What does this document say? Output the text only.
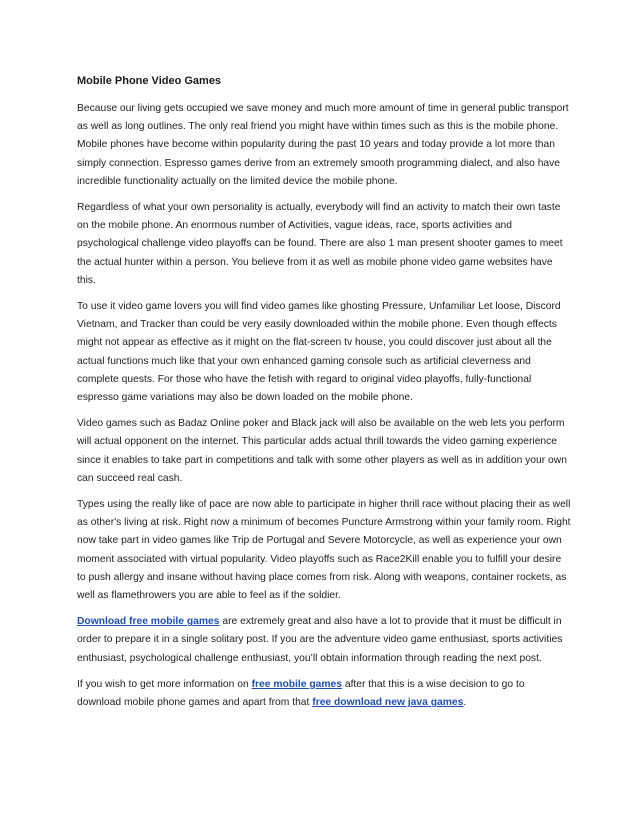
Mobile Phone Video Games

Because our living gets occupied we save money and much more amount of time in general public transport as well as long outlines. The only real friend you might have within times such as this is the mobile phone. Mobile phones have become within popularity during the past 10 years and today provide a lot more than simply connection. Espresso games derive from an extremely smooth programming dialect, and also have incredible functionality actually on the limited device the mobile phone.

Regardless of what your own personality is actually, everybody will find an activity to match their own taste on the mobile phone. An enormous number of Activities, vague ideas, race, sports activities and psychological challenge video playoffs can be found. There are also 1 man present shooter games to meet the actual hunter within a person. You believe from it as well as mobile phone video game websites have this.

To use it video game lovers you will find video games like ghosting Pressure, Unfamiliar Let loose, Discord Vietnam, and Tracker than could be very easily downloaded within the mobile phone. Even though effects might not appear as effective as it might on the flat-screen tv house, you could discover just about all the actual functions much like that your own enhanced gaming console such as artificial cleverness and complete quests. For those who have the fetish with regard to original video playoffs, fully-functional espresso game variations may also be down loaded on the mobile phone.

Video games such as Badaz Online poker and Black jack will also be available on the web lets you perform will actual opponent on the internet. This particular adds actual thrill towards the video gaming experience since it enables to take part in competitions and talk with some other players as well as in addition your own can succeed real cash.

Types using the really like of pace are now able to participate in higher thrill race without placing their as well as other's living at risk. Right now a minimum of becomes Puncture Armstrong within your family room. Right now take part in video games like Trip de Portugal and Severe Motorcycle, as well as experience your own moment associated with virtual popularity. Video playoffs such as Race2Kill enable you to fulfill your desire to push allergy and insane without having place comes from risk. Along with weapons, container rockets, as well as flamethrowers you are able to feel as if the soldier.

Download free mobile games are extremely great and also have a lot to provide that it must be difficult in order to prepare it in a single solitary post. If you are the adventure video game enthusiast, sports activities enthusiast, psychological challenge enthusiast, you’ll obtain information through reading the next post.

If you wish to get more information on free mobile games after that this is a wise decision to go to download mobile phone games and apart from that free download new java games.
